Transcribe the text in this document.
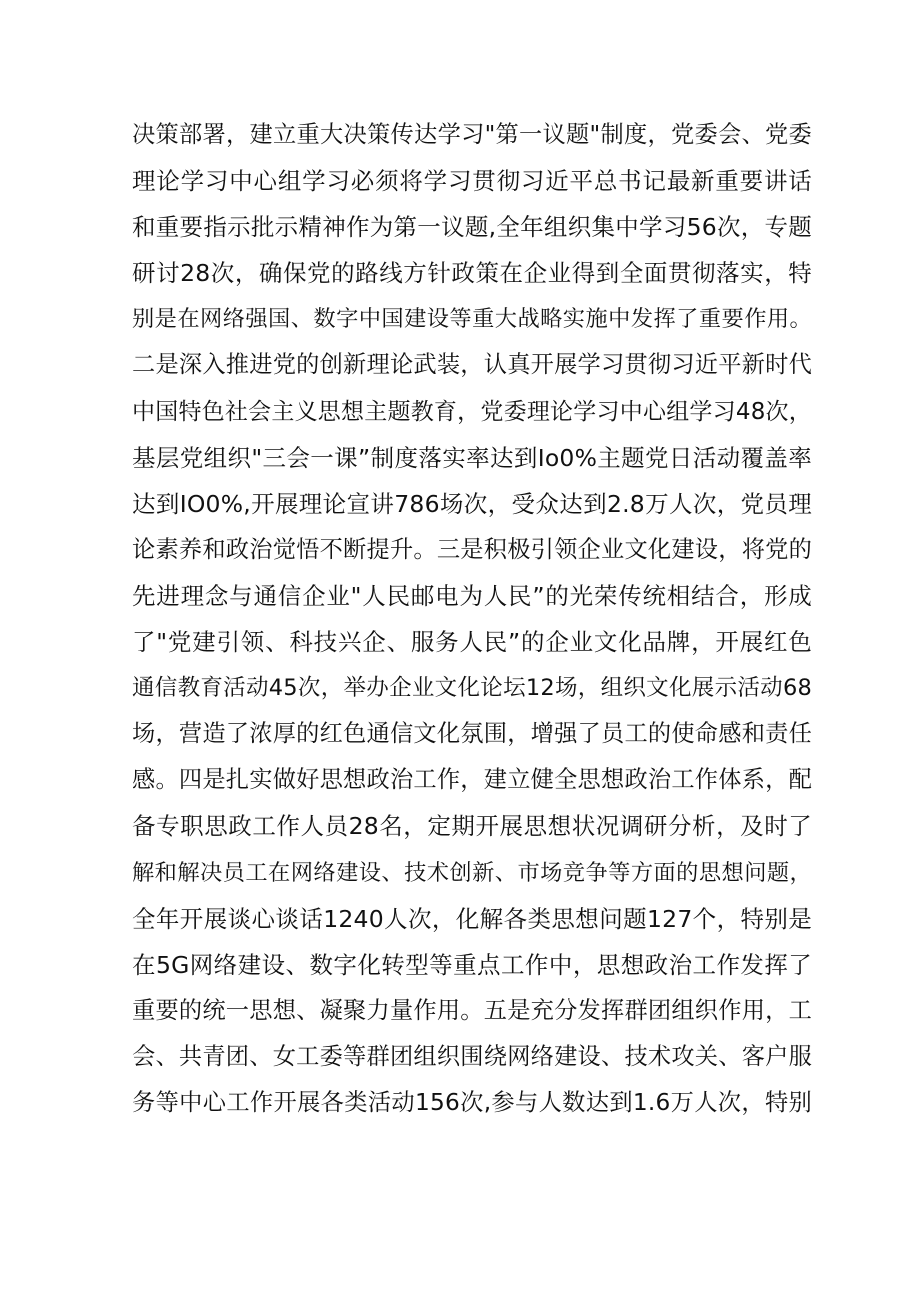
决策部署，建立重大决策传达学习"第一议题"制度，党委会、党委
理论学习中心组学习必须将学习贯彻习近平总书记最新重要讲话
和重要指示批示精神作为第一议题,全年组织集中学习56次，专题
研讨28次，确保党的路线方针政策在企业得到全面贯彻落实，特
别是在网络强国、数字中国建设等重大战略实施中发挥了重要作用。
二是深入推进党的创新理论武装，认真开展学习贯彻习近平新时代
中国特色社会主义思想主题教育，党委理论学习中心组学习48次，
基层党组织"三会一课”制度落实率达到Io0%主题党日活动覆盖率
达到IO0%,开展理论宣讲786场次，受众达到2.8万人次，党员理
论素养和政治觉悟不断提升。三是积极引领企业文化建设，将党的
先进理念与通信企业"人民邮电为人民”的光荣传统相结合，形成
了"党建引领、科技兴企、服务人民”的企业文化品牌，开展红色
通信教育活动45次，举办企业文化论坛12场，组织文化展示活动68
场，营造了浓厚的红色通信文化氛围，增强了员工的使命感和责任
感。四是扎实做好思想政治工作，建立健全思想政治工作体系，配
备专职思政工作人员28名，定期开展思想状况调研分析，及时了
解和解决员工在网络建设、技术创新、市场竞争等方面的思想问题，
全年开展谈心谈话1240人次，化解各类思想问题127个，特别是
在5G网络建设、数字化转型等重点工作中，思想政治工作发挥了
重要的统一思想、凝聚力量作用。五是充分发挥群团组织作用，工
会、共青团、女工委等群团组织围绕网络建设、技术攻关、客户服
务等中心工作开展各类活动156次,参与人数达到1.6万人次，特别
